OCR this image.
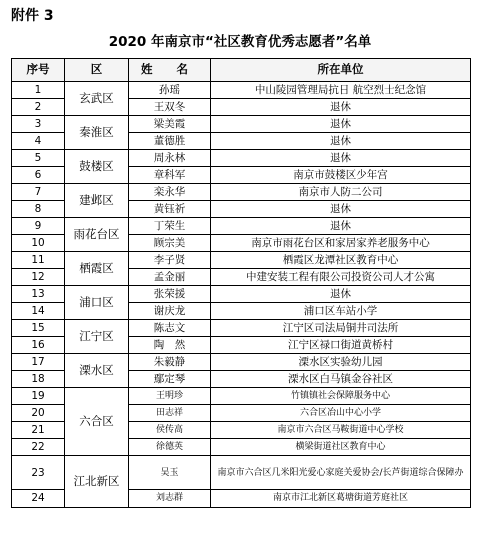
附件 3
2020 年南京市“社区教育优秀志愿者”名单
序号	区	姓 名	所在单位
1	玄武区	孙瑶	中山陵园管理局抗日 航空烈士纪念馆
2		王双冬	退休
3	秦淮区	梁美霞	退休
4		董德胜	退休
5	鼓楼区	周永林	退休
6		章科军	南京市鼓楼区少年宫
7	建邺区	栾永华	南京市人防二公司
8		黄钰祈	退休
9	雨花台区	丁荣生	退休
10		顾宗美	南京市雨花台区和家居家养老服务中心
11	栖霞区	李子贤	栖霞区龙潭社区教育中心
12		孟金丽	中建安装工程有限公司投资公司人才公寓
13	浦口区	张荣援	退休
14		谢庆龙	浦口区车站小学
15	江宁区	陈志文	江宁区司法局铜井司法所
16		陶　然	江宁区禄口街道黄桥村
17	溧水区	朱毅静	溧水区实验幼儿园
18		鄢定琴	溧水区白马镇金谷社区
19	六合区	王明珍	竹镇镇社会保障服务中心
20		田志祥	六合区冶山中心小学
21		侯传高	南京市六合区马鞍街道中心学校
22		徐德英	横梁街道社区教育中心
23	江北新区	吴玉	南京市六合区几米阳光爱心家庭关爱协会/长芦街道综合保障办
24		刘志群	南京市江北新区葛塘街道芳庭社区
